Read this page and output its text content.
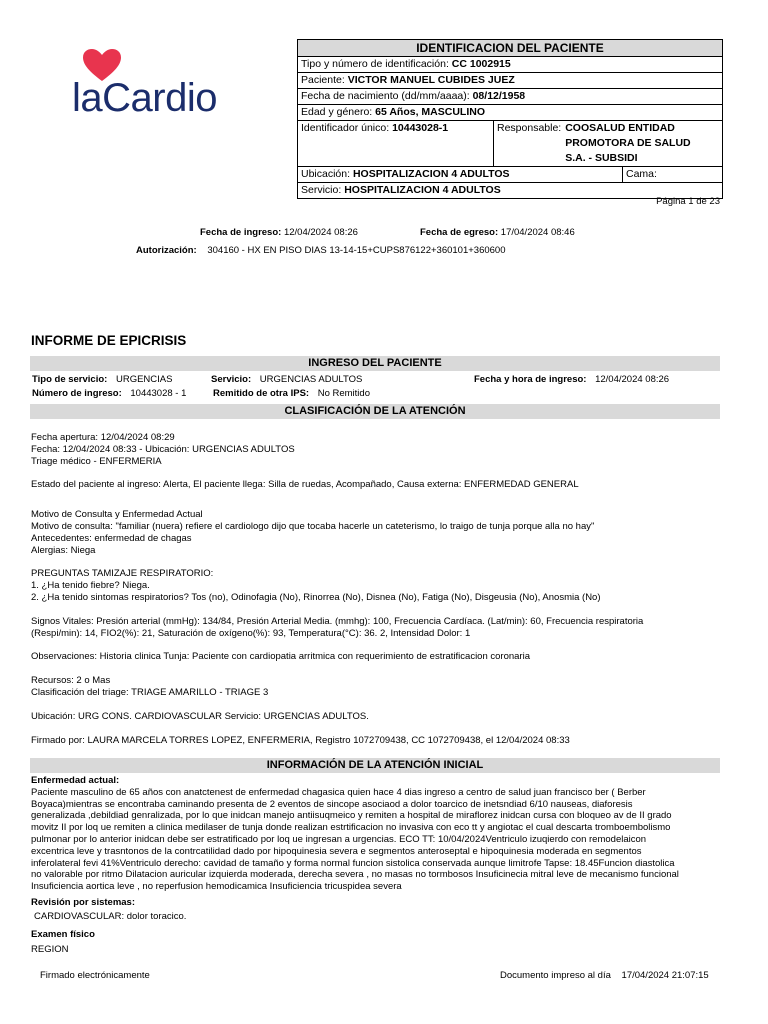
laCardio
IDENTIFICACION DEL PACIENTE
Tipo y número de identificación: CC 1002915
Paciente: VICTOR MANUEL CUBIDES JUEZ
Fecha de nacimiento (dd/mm/aaaa): 08/12/1958
Edad y género: 65 Años, MASCULINO
Identificador único: 10443028-1	Responsable: COOSALUD ENTIDAD PROMOTORA DE SALUD S.A. - SUBSIDI
Ubicación: HOSPITALIZACION 4 ADULTOS	Cama:
Servicio: HOSPITALIZACION 4 ADULTOS
Página 1 de 23
Fecha de ingreso: 12/04/2024 08:26	Fecha de egreso: 17/04/2024 08:46
Autorización: 304160 - HX EN PISO DIAS 13-14-15+CUPS876122+360101+360600
INFORME DE EPICRISIS
INGRESO DEL PACIENTE
Tipo de servicio: URGENCIAS	Servicio: URGENCIAS ADULTOS	Fecha y hora de ingreso: 12/04/2024 08:26
Número de ingreso: 10443028 - 1	Remitido de otra IPS: No Remitido
CLASIFICACIÓN DE LA ATENCIÓN
Fecha apertura: 12/04/2024 08:29
Fecha: 12/04/2024 08:33 - Ubicación: URGENCIAS ADULTOS
Triage médico - ENFERMERIA
Estado del paciente al ingreso: Alerta, El paciente llega: Silla de ruedas, Acompañado, Causa externa: ENFERMEDAD GENERAL
Motivo de Consulta y Enfermedad Actual
Motivo de consulta: "familiar (nuera) refiere el cardiologo dijo que tocaba hacerle un cateterismo, lo traigo de tunja porque alla no hay"
Antecedentes: enfermedad de chagas
Alergias: Niega
PREGUNTAS TAMIZAJE RESPIRATORIO:
1. ¿Ha tenido fiebre? Niega.
2. ¿Ha tenido sintomas respiratorios? Tos (no), Odinofagia (No), Rinorrea (No), Disnea (No), Fatiga (No), Disgeusia (No), Anosmia (No)
Signos Vitales: Presión arterial (mmHg): 134/84, Presión Arterial Media. (mmhg): 100, Frecuencia Cardíaca. (Lat/min): 60, Frecuencia respiratoria
(Respi/min): 14, FIO2(%): 21, Saturación de oxígeno(%): 93, Temperatura(°C): 36. 2, Intensidad Dolor: 1
Observaciones: Historia clinica Tunja: Paciente con cardiopatia arritmica con requerimiento de estratificacion coronaria
Recursos: 2 o Mas
Clasificación del triage: TRIAGE AMARILLO - TRIAGE 3
Ubicación: URG CONS. CARDIOVASCULAR Servicio: URGENCIAS ADULTOS.
Firmado por: LAURA MARCELA TORRES LOPEZ, ENFERMERIA, Registro 1072709438, CC 1072709438, el 12/04/2024 08:33
INFORMACIÓN DE LA ATENCIÓN INICIAL
Enfermedad actual:
Paciente masculino de 65 años con anatctenest de enfermedad chagasica quien hace 4 dias ingreso a centro de salud juan francisco ber ( Berber
Boyaca)mientras se encontraba caminando presenta de 2 eventos de sincope asociaod a dolor toarcico de inetsndiad 6/10 nauseas, diaforesis
generalizada ,debildiad genralizada, por lo que inidcan manejo antiisuqmeico y remiten a hospital de miraflorez inidcan cursa con bloqueo av de II grado
movitz II por loq ue remiten a clinica medilaser de tunja donde realizan estrtificacion no invasiva con eco tt y angiotac el cual descarta tromboembolismo
pulmonar por lo anterior inidcan debe ser estratificado por loq ue ingresan a urgencias. ECO TT: 10/04/2024Ventriculo izuqierdo con remodelaicon
excentrica leve y trasntonos de la contrcatilidad dado por hipoquinesia severa e segmentos anteroseptal e hipoquinesia moderada en segmentos
inferolateral fevi 41%Ventriculo derecho: cavidad de tamaño y forma normal funcion sistolica conservada aunque limitrofe Tapse: 18.45Funcion diastolica
no valorable por ritmo Dilatacion auricular izquierda moderada, derecha severa , no masas no tormbosos Insuficinecia mitral leve de mecanismo funcional
Insuficiencia aortica leve , no reperfusion hemodicamica Insuficiencia tricuspidea severa
Revisión por sistemas:
CARDIOVASCULAR: dolor toracico.
Examen físico
REGION
Firmado electrónicamente	Documento impreso al día 17/04/2024 21:07:15
